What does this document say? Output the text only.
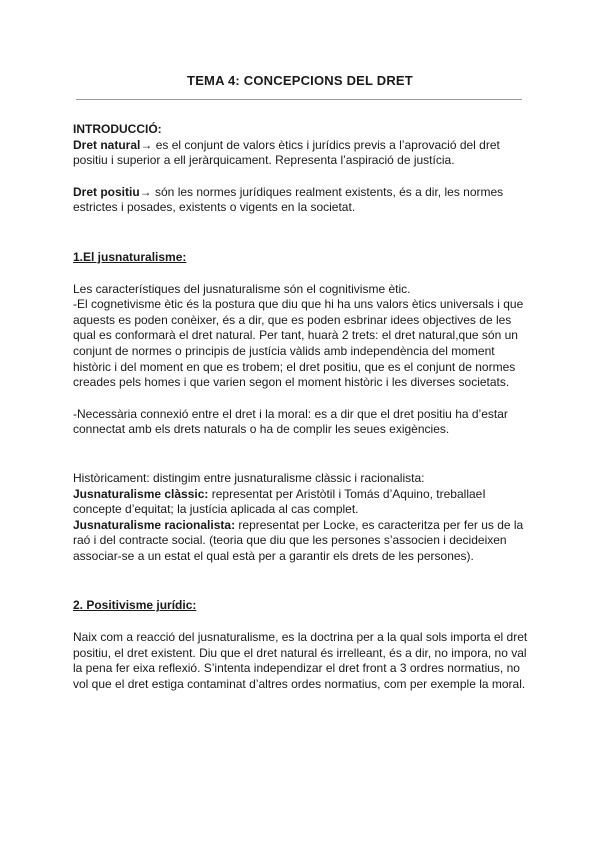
TEMA 4: CONCEPCIONS DEL DRET

INTRODUCCIÓ:

Dret natural→ es el conjunt de valors ètics i jurídics previs a l’aprovació del dret positiu i superior a ell jeràrquicament. Representa l’aspiració de justícia.

Dret positiu→ són les normes jurídiques realment existents, és a dir, les normes estrictes i posades, existents o vigents en la societat.

1.El jusnaturalisme:

Les característiques del jusnaturalisme són el cognitivisme ètic.

-El cognetivisme ètic és la postura que diu que hi ha uns valors ètics universals i que aquests es poden conèixer, és a dir, que es poden esbrinar idees objectives de les qual es conformarà el dret natural. Per tant, huarà 2 trets: el dret natural,que són un conjunt de normes o principis de justícia vàlids amb independència del moment històric i del moment en que es trobem; el dret positiu, que es el conjunt de normes creades pels homes i que varien segon el moment històric i les diverses societats.

-Necessària connexió entre el dret i la moral: es a dir que el dret positiu ha d’estar connectat amb els drets naturals o ha de complir les seues exigències.

Històricament: distingim entre jusnaturalisme clàssic i racionalista:

Jusnaturalisme clàssic: representat per Aristòtil i Tomás d’Aquino, treballaeI concepte d’equitat; la justícia aplicada al cas complet.

Jusnaturalisme racionalista: representat per Locke, es caracteritza per fer us de la raó i del contracte social. (teoria que diu que les persones s’associen i decideixen associar-se a un estat el qual està per a garantir els drets de les persones).

2. Positivisme jurídic:

Naix com a reacció del jusnaturalisme, es la doctrina per a la qual sols importa el dret positiu, el dret existent. Diu que el dret natural és irrelleant, és a dir, no impora, no val la pena fer eixa reflexió. S’intenta independizar el dret front a 3 ordres normatius, no vol que el dret estiga contaminat d’altres ordes normatius, com per exemple la moral.
